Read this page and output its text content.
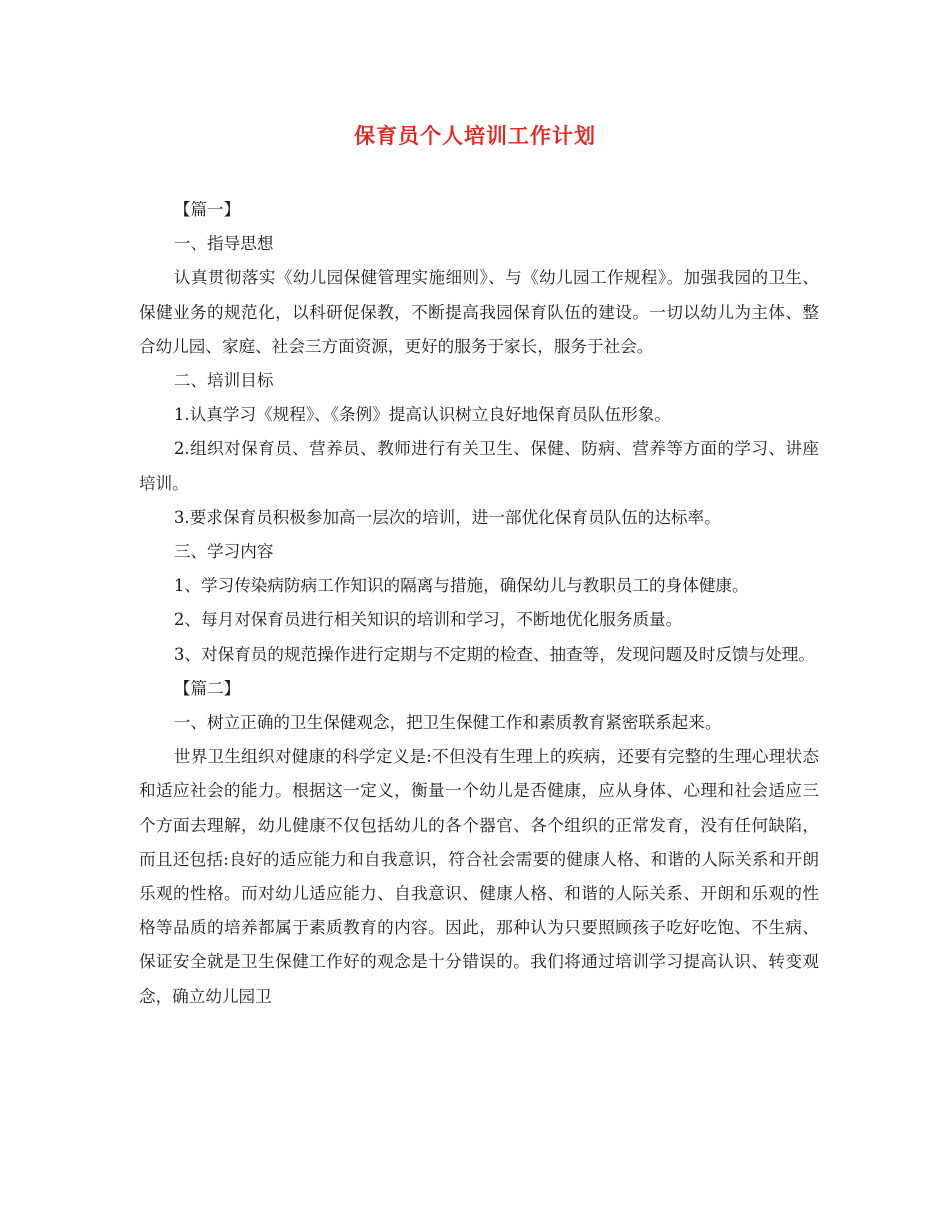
保育员个人培训工作计划

【篇一】

一、指导思想

认真贯彻落实《幼儿园保健管理实施细则》、与《幼儿园工作规程》。加强我园的卫生、保健业务的规范化，以科研促保教，不断提高我园保育队伍的建设。一切以幼儿为主体、整合幼儿园、家庭、社会三方面资源，更好的服务于家长，服务于社会。

二、培训目标

1.认真学习《规程》、《条例》提高认识树立良好地保育员队伍形象。

2.组织对保育员、营养员、教师进行有关卫生、保健、防病、营养等方面的学习、讲座培训。

3.要求保育员积极参加高一层次的培训，进一部优化保育员队伍的达标率。

三、学习内容

1、学习传染病防病工作知识的隔离与措施，确保幼儿与教职员工的身体健康。

2、每月对保育员进行相关知识的培训和学习，不断地优化服务质量。

3、对保育员的规范操作进行定期与不定期的检查、抽查等，发现问题及时反馈与处理。

【篇二】

一、树立正确的卫生保健观念，把卫生保健工作和素质教育紧密联系起来。

世界卫生组织对健康的科学定义是:不但没有生理上的疾病，还要有完整的生理心理状态和适应社会的能力。根据这一定义，衡量一个幼儿是否健康，应从身体、心理和社会适应三个方面去理解，幼儿健康不仅包括幼儿的各个器官、各个组织的正常发育，没有任何缺陷，而且还包括:良好的适应能力和自我意识，符合社会需要的健康人格、和谐的人际关系和开朗乐观的性格。而对幼儿适应能力、自我意识、健康人格、和谐的人际关系、开朗和乐观的性格等品质的培养都属于素质教育的内容。因此，那种认为只要照顾孩子吃好吃饱、不生病、保证安全就是卫生保健工作好的观念是十分错误的。我们将通过培训学习提高认识、转变观念，确立幼儿园卫
